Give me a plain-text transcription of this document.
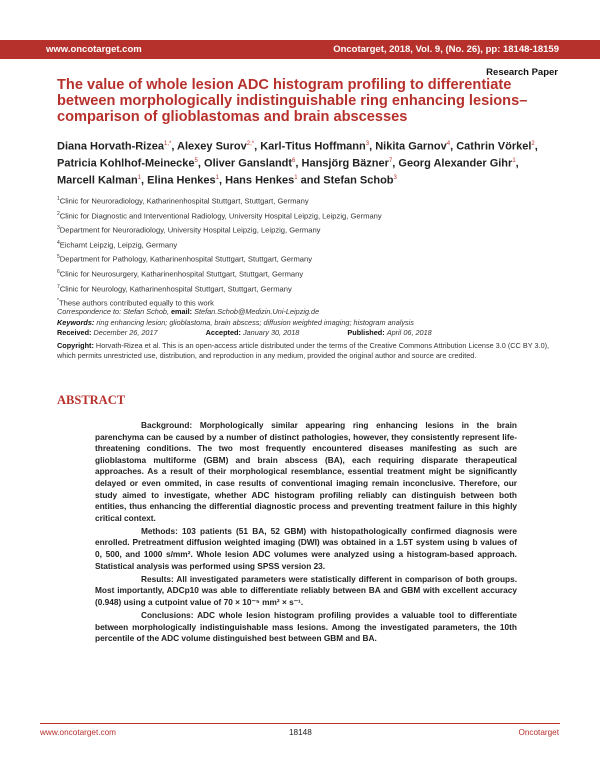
www.oncotarget.com	Oncotarget, 2018, Vol. 9, (No. 26), pp: 18148-18159
Research Paper
The value of whole lesion ADC histogram profiling to differentiate between morphologically indistinguishable ring enhancing lesions–comparison of glioblastomas and brain abscesses
Diana Horvath-Rizea$^{1,*}$, Alexey Surov$^{2,*}$, Karl-Titus Hoffmann$^3$, Nikita Garnov$^4$, Cathrin Vörkel$^2$, Patricia Kohlhof-Meinecke$^5$, Oliver Ganslandt$^6$, Hansjörg Bäzner$^7$, Georg Alexander Gihr$^1$, Marcell Kalman$^1$, Elina Henkes$^1$, Hans Henkes$^1$ and Stefan Schob$^3$
$^1$Clinic for Neuroradiology, Katharinenhospital Stuttgart, Stuttgart, Germany
$^2$Clinic for Diagnostic and Interventional Radiology, University Hospital Leipzig, Leipzig, Germany
$^3$Department for Neuroradiology, University Hospital Leipzig, Leipzig, Germany
$^4$Eichamt Leipzig, Leipzig, Germany
$^5$Department for Pathology, Katharinenhospital Stuttgart, Stuttgart, Germany
$^6$Clinic for Neurosurgery, Katharinenhospital Stuttgart, Stuttgart, Germany
$^7$Clinic for Neurology, Katharinenhospital Stuttgart, Stuttgart, Germany
*These authors contributed equally to this work
Correspondence to: Stefan Schob, email: Stefan.Schob@Medizin.Uni-Leipzig.de
Keywords: ring enhancing lesion; glioblastoma, brain abscess; diffusion weighted imaging; histogram analysis
Received: December 26, 2017	Accepted: January 30, 2018	Published: April 06, 2018
Copyright: Horvath-Rizea et al. This is an open-access article distributed under the terms of the Creative Commons Attribution License 3.0 (CC BY 3.0), which permits unrestricted use, distribution, and reproduction in any medium, provided the original author and source are credited.
ABSTRACT

Background: Morphologically similar appearing ring enhancing lesions in the brain parenchyma can be caused by a number of distinct pathologies, however, they consistently represent life-threatening conditions. The two most frequently encountered diseases manifesting as such are glioblastoma multiforme (GBM) and brain abscess (BA), each requiring disparate therapeutical approaches. As a result of their morphological resemblance, essential treatment might be significantly delayed or even ommited, in case results of conventional imaging remain inconclusive. Therefore, our study aimed to investigate, whether ADC histogram profiling reliably can distinguish between both entities, thus enhancing the differential diagnostic process and preventing treatment failure in this highly critical context.

Methods: 103 patients (51 BA, 52 GBM) with histopathologically confirmed diagnosis were enrolled. Pretreatment diffusion weighted imaging (DWI) was obtained in a 1.5T system using b values of 0, 500, and 1000 s/mm². Whole lesion ADC volumes were analyzed using a histogram-based approach. Statistical analysis was performed using SPSS version 23.

Results: All investigated parameters were statistically different in comparison of both groups. Most importantly, ADCp10 was able to differentiate reliably between BA and GBM with excellent accuracy (0.948) using a cutpoint value of 70 × 10⁻⁵ mm² × s⁻¹.

Conclusions: ADC whole lesion histogram profiling provides a valuable tool to differentiate between morphologically indistinguishable mass lesions. Among the investigated parameters, the 10th percentile of the ADC volume distinguished best between GBM and BA.

www.oncotarget.com	18148	Oncotarget
